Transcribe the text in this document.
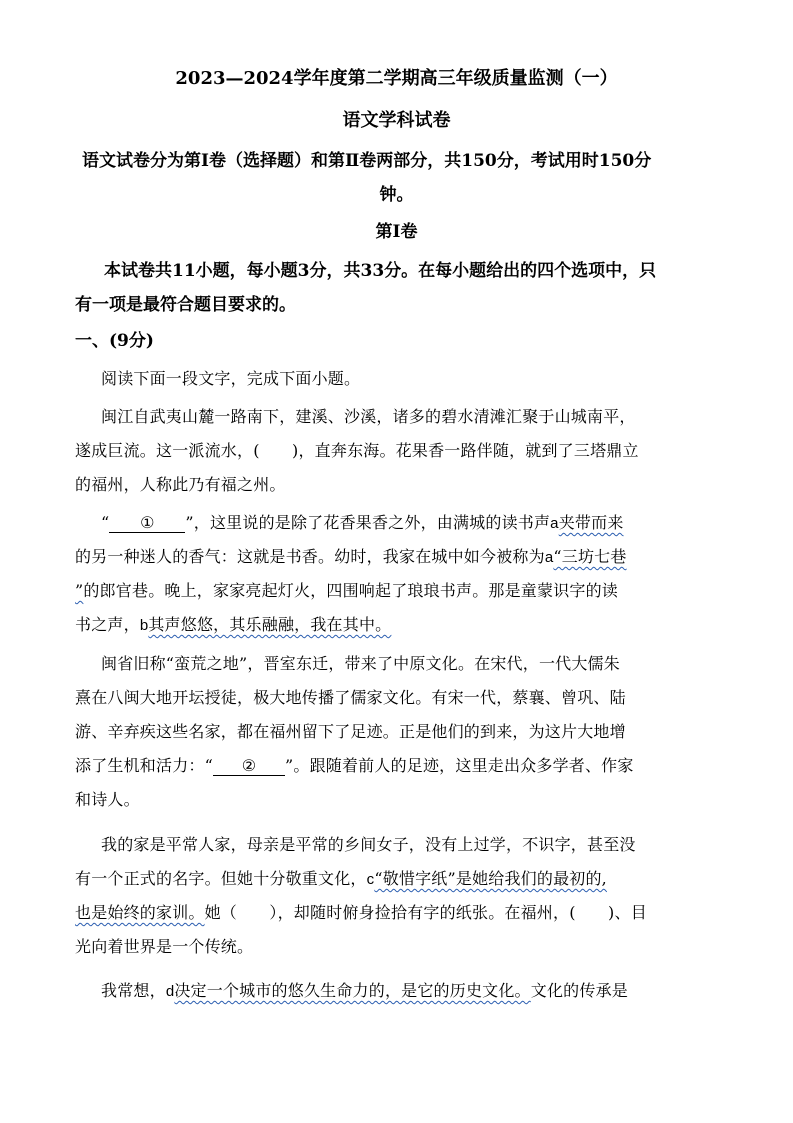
2023—2024学年度第二学期高三年级质量监测（一）
语文学科试卷
语文试卷分为第Ⅰ卷（选择题）和第Ⅱ卷两部分，共150分，考试用时150分
钟。
第Ⅰ卷
本试卷共11小题，每小题3分，共33分。在每小题给出的四个选项中，只
有一项是最符合题目要求的。
一、(9分)
阅读下面一段文字，完成下面小题。
闽江自武夷山麓一路南下，建溪、沙溪，诸多的碧水清滩汇聚于山城南平，
遂成巨流。这一派流水，(　　)，直奔东海。花果香一路伴随，就到了三塔鼎立
的福州，人称此乃有福之州。
“ ① ”，这里说的是除了花香果香之外，由满城的读书声a夹带而来
的另一种迷人的香气：这就是书香。幼时，我家在城中如今被称为a“三坊七巷
”的郎官巷。晚上，家家亮起灯火，四围响起了琅琅书声。那是童蒙识字的读
书之声，b其声悠悠，其乐融融，我在其中。
闽省旧称“蛮荒之地”，晋室东迁，带来了中原文化。在宋代，一代大儒朱
熹在八闽大地开坛授徒，极大地传播了儒家文化。有宋一代，蔡襄、曾巩、陆
游、辛弃疾这些名家，都在福州留下了足迹。正是他们的到来，为这片大地增
添了生机和活力：“ ② ”。跟随着前人的足迹，这里走出众多学者、作家
和诗人。
我的家是平常人家，母亲是平常的乡间女子，没有上过学，不识字，甚至没
有一个正式的名字。但她十分敬重文化，c“敬惜字纸”是她给我们的最初的,
也是始终的家训。她（　　），却随时俯身捡拾有字的纸张。在福州，(　　)、目
光向着世界是一个传统。
我常想，d决定一个城市的悠久生命力的，是它的历史文化。文化的传承是
